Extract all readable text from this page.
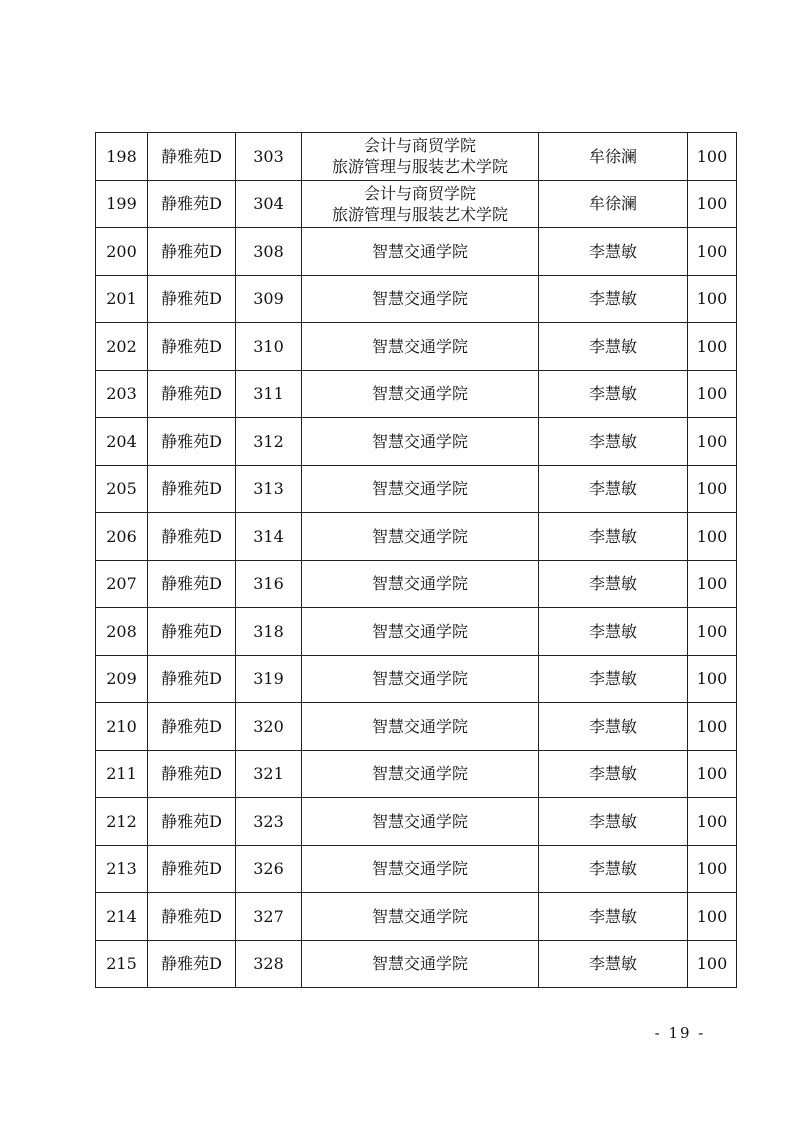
198	静雅苑D	303	会计与商贸学院
旅游管理与服装艺术学院	牟徐澜	100
199	静雅苑D	304	会计与商贸学院
旅游管理与服装艺术学院	牟徐澜	100
200	静雅苑D	308	智慧交通学院	李慧敏	100
201	静雅苑D	309	智慧交通学院	李慧敏	100
202	静雅苑D	310	智慧交通学院	李慧敏	100
203	静雅苑D	311	智慧交通学院	李慧敏	100
204	静雅苑D	312	智慧交通学院	李慧敏	100
205	静雅苑D	313	智慧交通学院	李慧敏	100
206	静雅苑D	314	智慧交通学院	李慧敏	100
207	静雅苑D	316	智慧交通学院	李慧敏	100
208	静雅苑D	318	智慧交通学院	李慧敏	100
209	静雅苑D	319	智慧交通学院	李慧敏	100
210	静雅苑D	320	智慧交通学院	李慧敏	100
211	静雅苑D	321	智慧交通学院	李慧敏	100
212	静雅苑D	323	智慧交通学院	李慧敏	100
213	静雅苑D	326	智慧交通学院	李慧敏	100
214	静雅苑D	327	智慧交通学院	李慧敏	100
215	静雅苑D	328	智慧交通学院	李慧敏	100
- 19 -
